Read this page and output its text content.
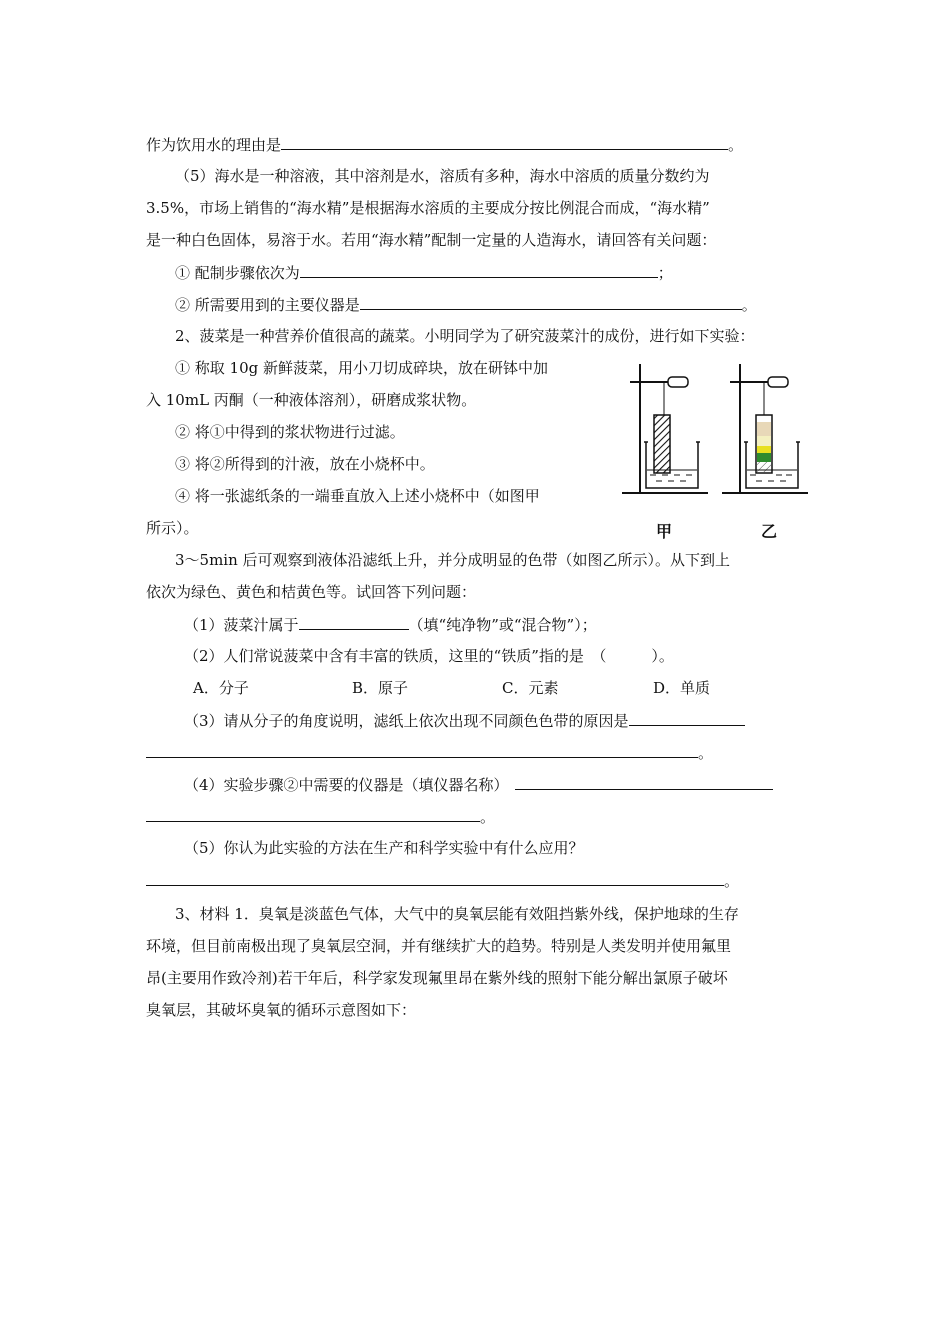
作为饮用水的理由是	。
（5）海水是一种溶液，其中溶剂是水，溶质有多种，海水中溶质的质量分数约为
3.5%，市场上销售的“海水精”是根据海水溶质的主要成分按比例混合而成，“海水精”
是一种白色固体，易溶于水。若用“海水精”配制一定量的人造海水，请回答有关问题：
① 配制步骤依次为	；
② 所需要用到的主要仪器是	。
2、菠菜是一种营养价值很高的蔬菜。小明同学为了研究菠菜汁的成份，进行如下实验：
① 称取 10g 新鲜菠菜，用小刀切成碎块，放在研钵中加
入 10mL 丙酮（一种液体溶剂），研磨成浆状物。
② 将①中得到的浆状物进行过滤。
③ 将②所得到的汁液，放在小烧杯中。
④ 将一张滤纸条的一端垂直放入上述小烧杯中（如图甲
所示）。	甲	乙
3～5min 后可观察到液体沿滤纸上升，并分成明显的色带（如图乙所示）。从下到上
依次为绿色、黄色和桔黄色等。试回答下列问题：
（1）菠菜汁属于	（填“纯净物”或“混合物”）；
（2）人们常说菠菜中含有丰富的铁质，这里的“铁质”指的是　（　　　）。
A．分子	B．原子	C．元素	D．单质
（3）请从分子的角度说明，滤纸上依次出现不同颜色色带的原因是
。
（4）实验步骤②中需要的仪器是（填仪器名称）
。
（5）你认为此实验的方法在生产和科学实验中有什么应用？
。
3、材料 1．臭氧是淡蓝色气体，大气中的臭氧层能有效阻挡紫外线，保护地球的生存
环境，但目前南极出现了臭氧层空洞，并有继续扩大的趋势。特别是人类发明并使用氟里
昂(主要用作致冷剂)若干年后，科学家发现氟里昂在紫外线的照射下能分解出氯原子破坏
臭氧层，其破坏臭氧的循环示意图如下：
